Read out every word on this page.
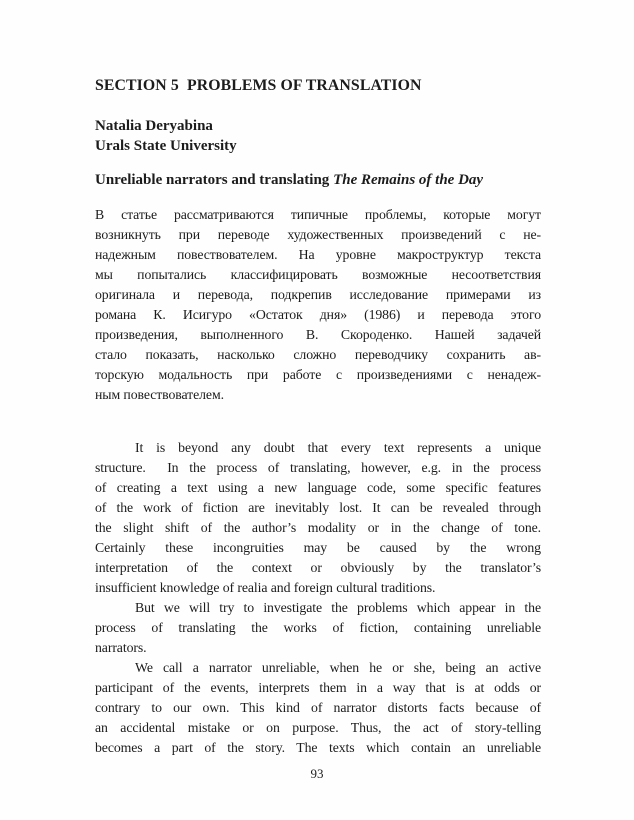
SECTION 5  PROBLEMS OF TRANSLATION
Natalia Deryabina
Urals State University
Unreliable narrators and translating The Remains of the Day
В статье рассматриваются типичные проблемы, которые могут
возникнуть при переводе художественных произведений с не-
надежным повествователем. На уровне макроструктур текста
мы попытались классифицировать возможные несоответствия
оригинала и перевода, подкрепив исследование примерами из
романа К. Исигуро «Остаток дня» (1986) и перевода этого
произведения, выполненного В. Скороденко. Нашей задачей
стало показать, насколько сложно переводчику сохранить ав-
торскую модальность при работе с произведениями с ненадеж-
ным повествователем.
It is beyond any doubt that every text represents a unique
structure.  In the process of translating, however, e.g. in the process
of creating a text using a new language code, some specific features
of the work of fiction are inevitably lost. It can be revealed through
the slight shift of the author’s modality or in the change of tone.
Certainly these incongruities may be caused by the wrong
interpretation of the context or obviously by the translator’s
insufficient knowledge of realia and foreign cultural traditions.
But we will try to investigate the problems which appear in the
process of translating the works of fiction, containing unreliable
narrators.
We call a narrator unreliable, when he or she, being an active
participant of the events, interprets them in a way that is at odds or
contrary to our own. This kind of narrator distorts facts because of
an accidental mistake or on purpose. Thus, the act of story-telling
becomes a part of the story. The texts which contain an unreliable
93
